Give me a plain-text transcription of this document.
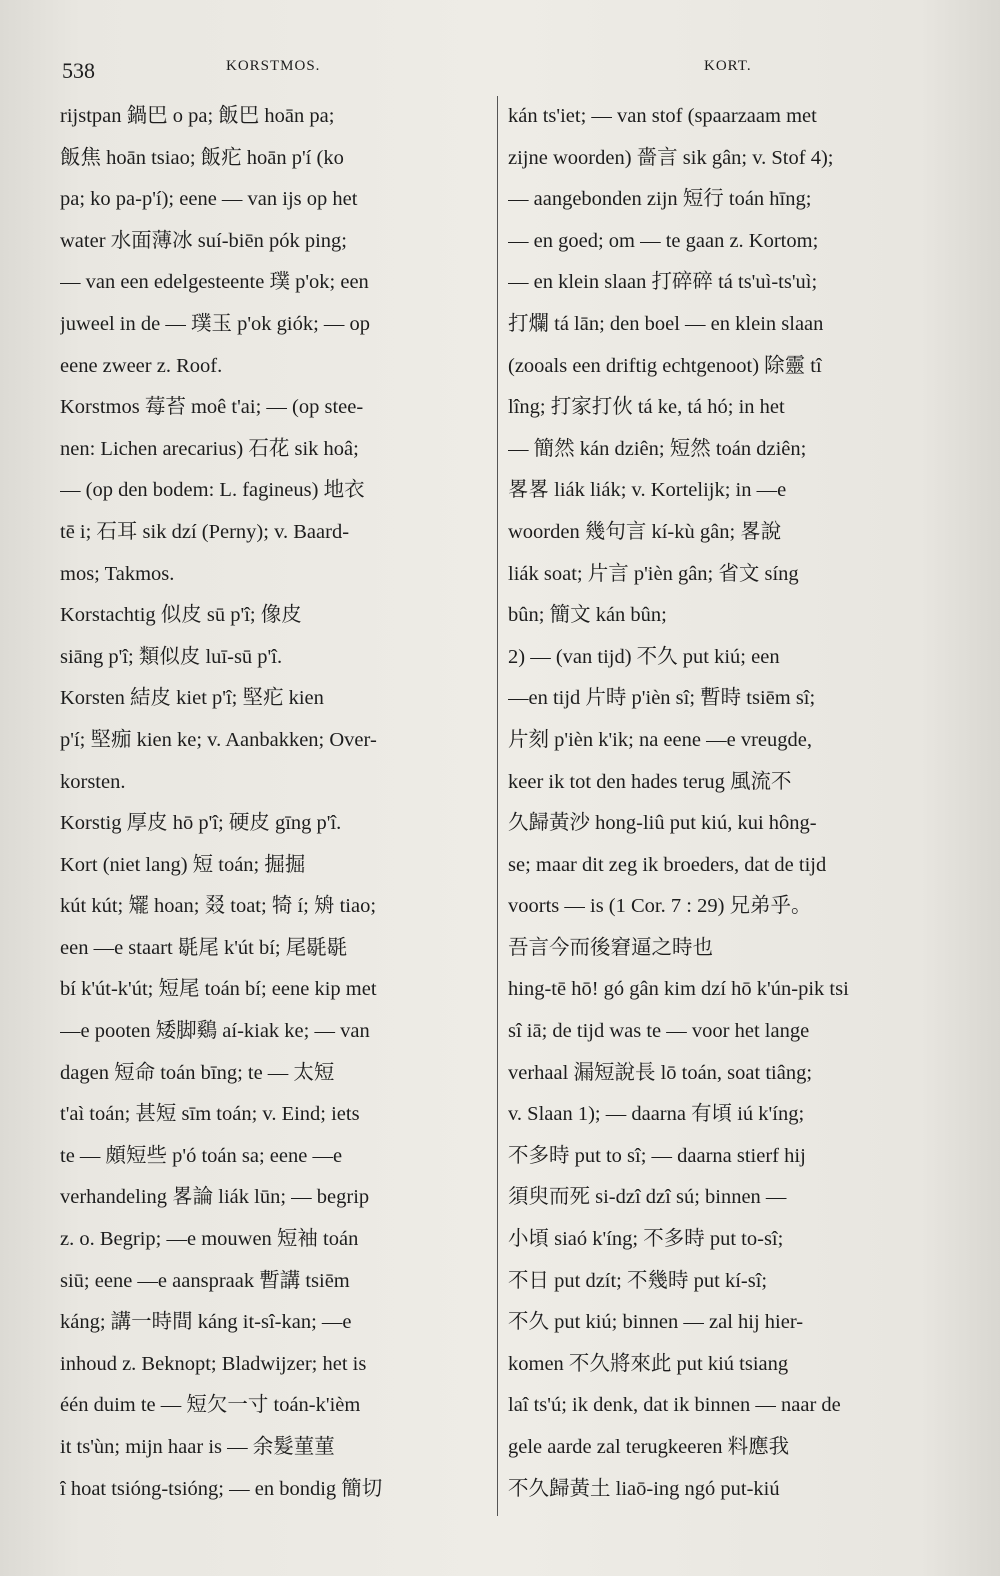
538	KORSTMOS.	KORT.
rijstpan 鍋巴 o pa; 飯巴 hoān pa;
飯焦 hoān tsiao; 飯疕 hoān p'í (ko
pa; ko pa-p'í); eene — van ijs op het
water 水面薄冰 suí-biēn pók ping;
— van een edelgesteente 璞 p'ok; een
juweel in de — 璞玉 p'ok giók; — op
eene zweer z. Roof.
Korstmos 莓苔 moê t'ai; — (op stee-
nen: Lichen arecarius) 石花 sik hoâ;
— (op den bodem: L. fagineus) 地衣
tē i; 石耳 sik dzí (Perny); v. Baard-
mos; Takmos.
Korstachtig 似皮 sū p'î; 像皮
siāng p'î; 類似皮 luī-sū p'î.
Korsten 結皮 kiet p'î; 堅疕 kien
p'í; 堅痂 kien ke; v. Aanbakken; Over-
korsten.
Korstig 厚皮 hō p'î; 硬皮 gīng p'î.
Kort (niet lang) 短 toán; 掘掘
kút kút; 矲 hoan; 叕 toat; 犄 í; 矪 tiao;
een —e staart 毼尾 k'út bí; 尾毼毼
bí k'út-k'út; 短尾 toán bí; eene kip met
—e pooten 矮脚鷄 aí-kiak ke; — van
dagen 短命 toán bīng; te — 太短
t'aì toán; 甚短 sīm toán; v. Eind; iets
te — 頗短些 p'ó toán sa; eene —e
verhandeling 畧論 liák lūn; — begrip
z. o. Begrip; —e mouwen 短袖 toán
siū; eene —e aanspraak 暫講 tsiēm
káng; 講一時間 káng it-sî-kan; —e
inhoud z. Beknopt; Bladwijzer; het is
één duim te — 短欠一寸 toán-k'ièm
it ts'ùn; mijn haar is — 余髮菫菫
î hoat tsióng-tsióng; — en bondig 簡切
kán ts'iet; — van stof (spaarzaam met
zijne woorden) 嗇言 sik gân; v. Stof 4);
— aangebonden zijn 短行 toán hīng;
— en goed; om — te gaan z. Kortom;
— en klein slaan 打碎碎 tá ts'uì-ts'uì;
打爛 tá lān; den boel — en klein slaan
(zooals een driftig echtgenoot) 除靈 tî
lîng; 打家打伙 tá ke, tá hó; in het
— 簡然 kán dziên; 短然 toán dziên;
畧畧 liák liák; v. Kortelijk; in —e
woorden 幾句言 kí-kù gân; 畧說
liák soat; 片言 p'ièn gân; 省文 síng
bûn; 簡文 kán bûn;
2) — (van tijd) 不久 put kiú; een
—en tijd 片時 p'ièn sî; 暫時 tsiēm sî;
片刻 p'ièn k'ik; na eene —e vreugde,
keer ik tot den hades terug 風流不
久歸黃沙 hong-liû put kiú, kui hông-
se; maar dit zeg ik broeders, dat de tijd
voorts — is (1 Cor. 7 : 29) 兄弟乎。
吾言今而後窘逼之時也
hing-tē hō! gó gân kim dzí hō k'ún-pik tsi
sî iā; de tijd was te — voor het lange
verhaal 漏短說長 lō toán, soat tiâng;
v. Slaan 1); — daarna 有頃 iú k'íng;
不多時 put to sî; — daarna stierf hij
須臾而死 si-dzî dzî sú; binnen —
小頃 siaó k'íng; 不多時 put to-sî;
不日 put dzít; 不幾時 put kí-sî;
不久 put kiú; binnen — zal hij hier-
komen 不久將來此 put kiú tsiang
laî ts'ú; ik denk, dat ik binnen — naar de
gele aarde zal terugkeeren 料應我
不久歸黃土 liaō-ing ngó put-kiú
